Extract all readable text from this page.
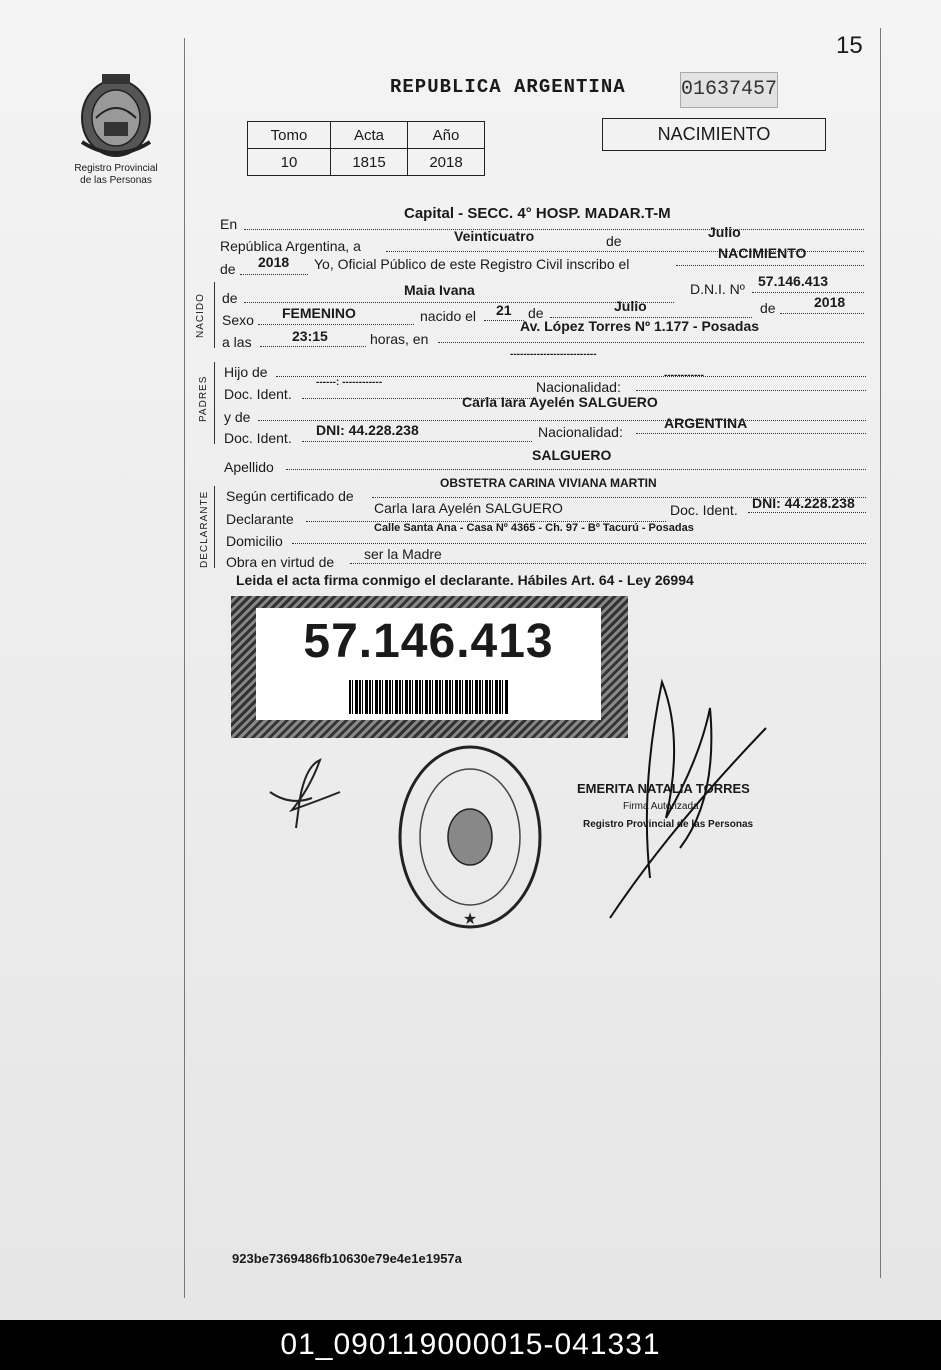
15
Registro Provincial
de las Personas
REPUBLICA ARGENTINA	01637457
Tomo	Acta	Año
10	1815	2018
NACIMIENTO
En
Capital - SECC. 4° HOSP. MADAR.T-M
República Argentina, a
Veinticuatro	de
Julio
de 2018 Yo, Oficial Público de este Registro Civil inscribo el
NACIMIENTO
NACIDO de	Maia Ivana	D.N.I. Nº 57.146.413
Sexo FEMENINO	nacido el 21 de	Julio	de	2018
a las	23:15	horas, en
Av. López Torres Nº 1.177 - Posadas
PADRES
Hijo de
--------------------------
Doc. Ident.
------: ------------	Nacionalidad:
------------
y de
Carla Iara Ayelén SALGUERO
Doc. Ident. DNI: 44.228.238	Nacionalidad:
ARGENTINA
Apellido
SALGUERO
DECLARANTE Según certificado de
OBSTETRA CARINA VIVIANA MARTIN
Declarante
Carla Iara Ayelén SALGUERO	Doc. Ident. DNI: 44.228.238
Domicilio
Calle Santa Ana - Casa Nº 4365 - Ch. 97 - Bº Tacurú - Posadas
Obra en virtud de ser la Madre
Leida el acta firma conmigo el declarante. Hábiles Art. 64 - Ley 26994
57.146.413
★
EMERITA NATALIA TORRES
Firma Autorizada
Registro Provincial de las Personas
923be7369486fb10630e79e4e1e1957a
01_090119000015-041331
